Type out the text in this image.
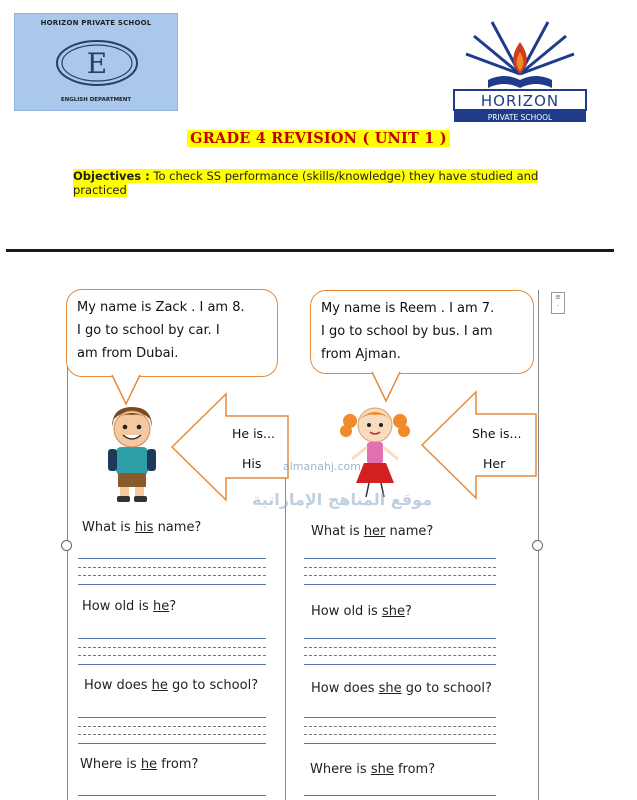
HORIZON PRIVATE SCHOOL
E
ENGLISH DEPARTMENT	HORIZON
PRIVATE SCHOOL
GRADE 4 REVISION ( UNIT 1 )
Objectives : To check SS performance (skills/knowledge) they have studied and
practiced
≡
·
My name is Zack . I am 8.
I go to school by car. I
am from Dubai.
My name is Reem . I am 7.
I go to school by bus. I am
from Ajman.
He is...
His
She is...
Her
almanahj.com
موقع المناهج الإماراتية
What is his name?
How old is he?
How does he go to school?
Where is he from?
What is her name?
How old is she?
How does she go to school?
Where is she from?
